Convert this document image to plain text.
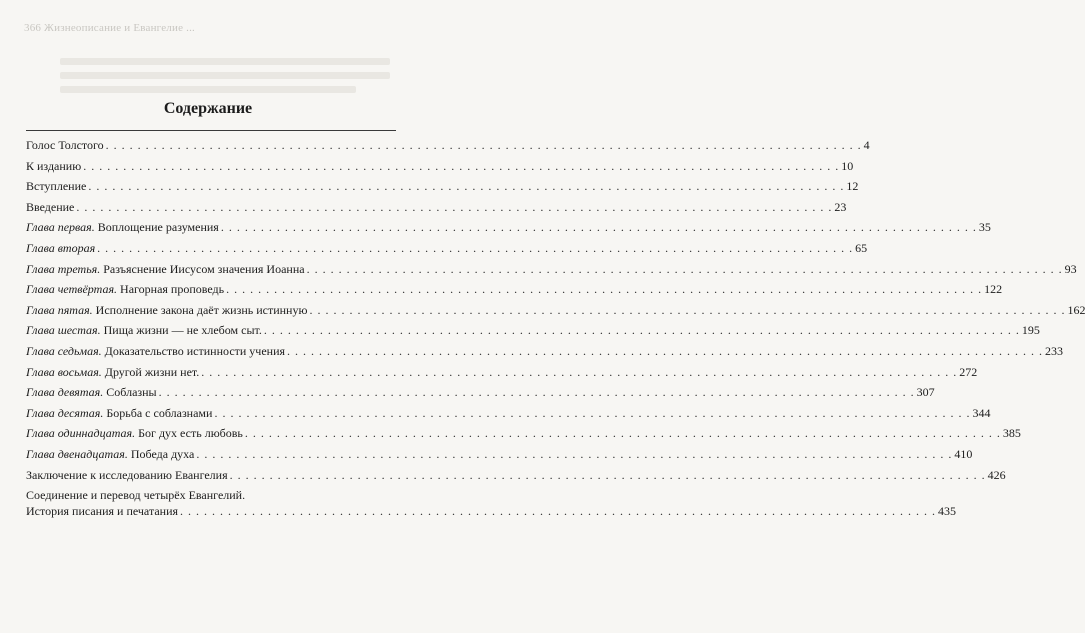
366 Жизнеописание и Евангелие ...
Содержание
Голос Толстого . . .	4
К изданию . . .	10
Вступление . . .	12
Введение . . .	23
Глава первая. Воплощение разумения . . .	35
Глава вторая . . .	65
Глава третья. Разъяснение Иисусом значения Иоанна . . .	93
Глава четвёртая. Нагорная проповедь . . .	122
Глава пятая. Исполнение закона даёт жизнь истинную . . .	162
Глава шестая. Пища жизни — не хлебом сыт. . . .	195
Глава седьмая. Доказательство истинности учения . . .	233
Глава восьмая. Другой жизни нет. . . .	272
Глава девятая. Соблазны . . .	307
Глава десятая. Борьба с соблазнами . . .	344
Глава одиннадцатая. Бог дух есть любовь . . .	385
Глава двенадцатая. Победа духа . . .	410
Заключение к исследованию Евангелия . . .	426
Соединение и перевод четырёх Евангелий.
История писания и печатания . . .	435
